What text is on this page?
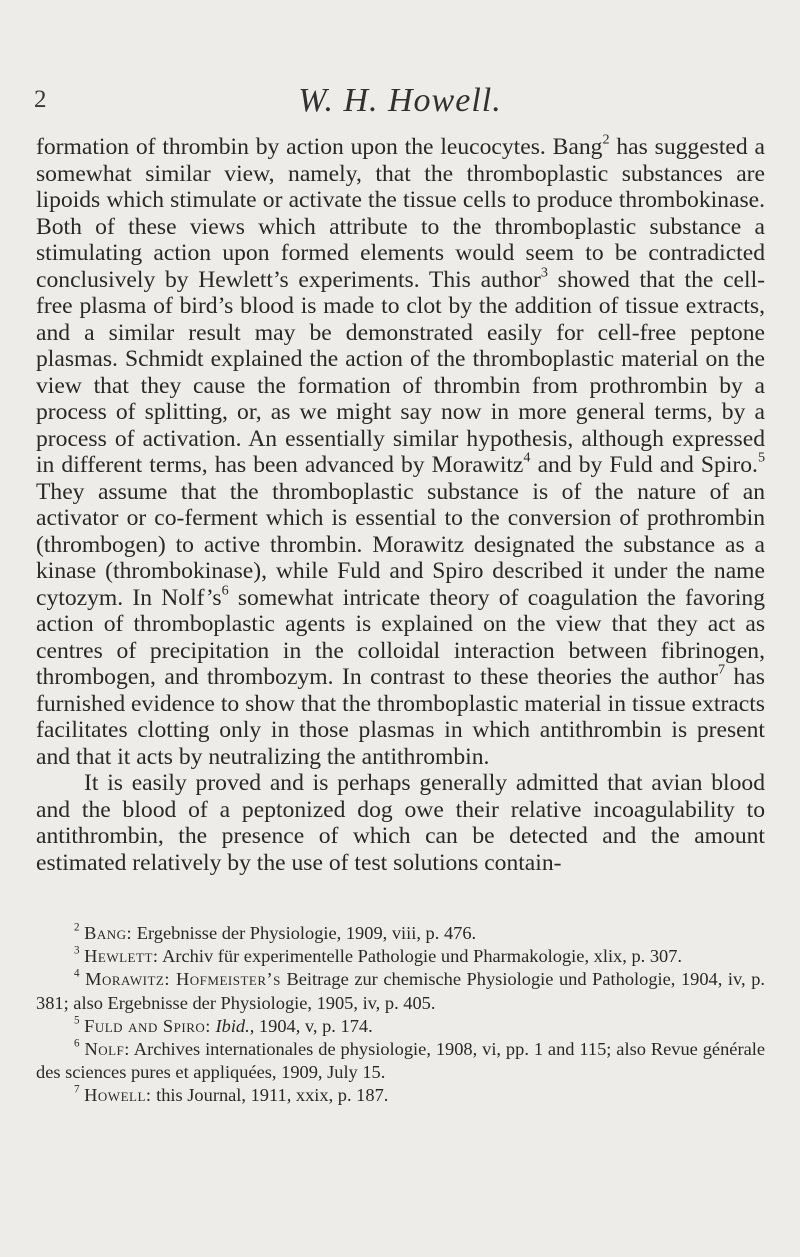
2	W. H. Howell.

formation of thrombin by action upon the leucocytes. Bang$^2$ has suggested a somewhat similar view, namely, that the thromboplastic substances are lipoids which stimulate or activate the tissue cells to produce thrombokinase. Both of these views which attribute to the thromboplastic substance a stimulating action upon formed elements would seem to be contradicted conclusively by Hewlett’s experiments. This author$^3$ showed that the cell-free plasma of bird’s blood is made to clot by the addition of tissue extracts, and a similar result may be demonstrated easily for cell-free peptone plasmas. Schmidt explained the action of the thromboplastic material on the view that they cause the formation of thrombin from prothrombin by a process of splitting, or, as we might say now in more general terms, by a process of activation. An essentially similar hypothesis, although expressed in different terms, has been advanced by Morawitz$^4$ and by Fuld and Spiro.$^5$ They assume that the thromboplastic substance is of the nature of an activator or co-ferment which is essential to the conversion of prothrombin (thrombogen) to active thrombin. Morawitz designated the substance as a kinase (thrombokinase), while Fuld and Spiro described it under the name cytozym. In $Nolf’s^6$ somewhat intricate theory of coagulation the favoring action of thromboplastic agents is explained on the view that they act as centres of precipitation in the colloidal interaction between fibrinogen, thrombogen, and thrombozym. In contrast to these theories the author$^7$ has furnished evidence to show that the thromboplastic material in tissue extracts facilitates clotting only in those plasmas in which antithrombin is present and that it acts by neutralizing the antithrombin.

It is easily proved and is perhaps generally admitted that avian blood and the blood of a peptonized dog owe their relative incoagulability to antithrombin, the presence of which can be detected and the amount estimated relatively by the use of test solutions contain-

$^2$ Bang: Ergebnisse der Physiologie, 1909, viii, p. 476.

$^3$ Hewlett: Archiv für experimentelle Pathologie und Pharmakologie, xlix, p. 307.

$^4$ Morawitz: Hofmeister’s Beitrage zur chemische Physiologie und Pathologie, 1904, iv, p. 381; also Ergebnisse der Physiologie, 1905, iv, p. 405.

$^5$ Fuld and Spiro: Ibid., 1904, v, p. 174.

$^6$ Nolf: Archives internationales de physiologie, 1908, vi, pp. 1 and 115; also Revue générale des sciences pures et appliquées, 1909, July 15.

$^7$ Howell: this Journal, 1911, xxix, p. 187.
